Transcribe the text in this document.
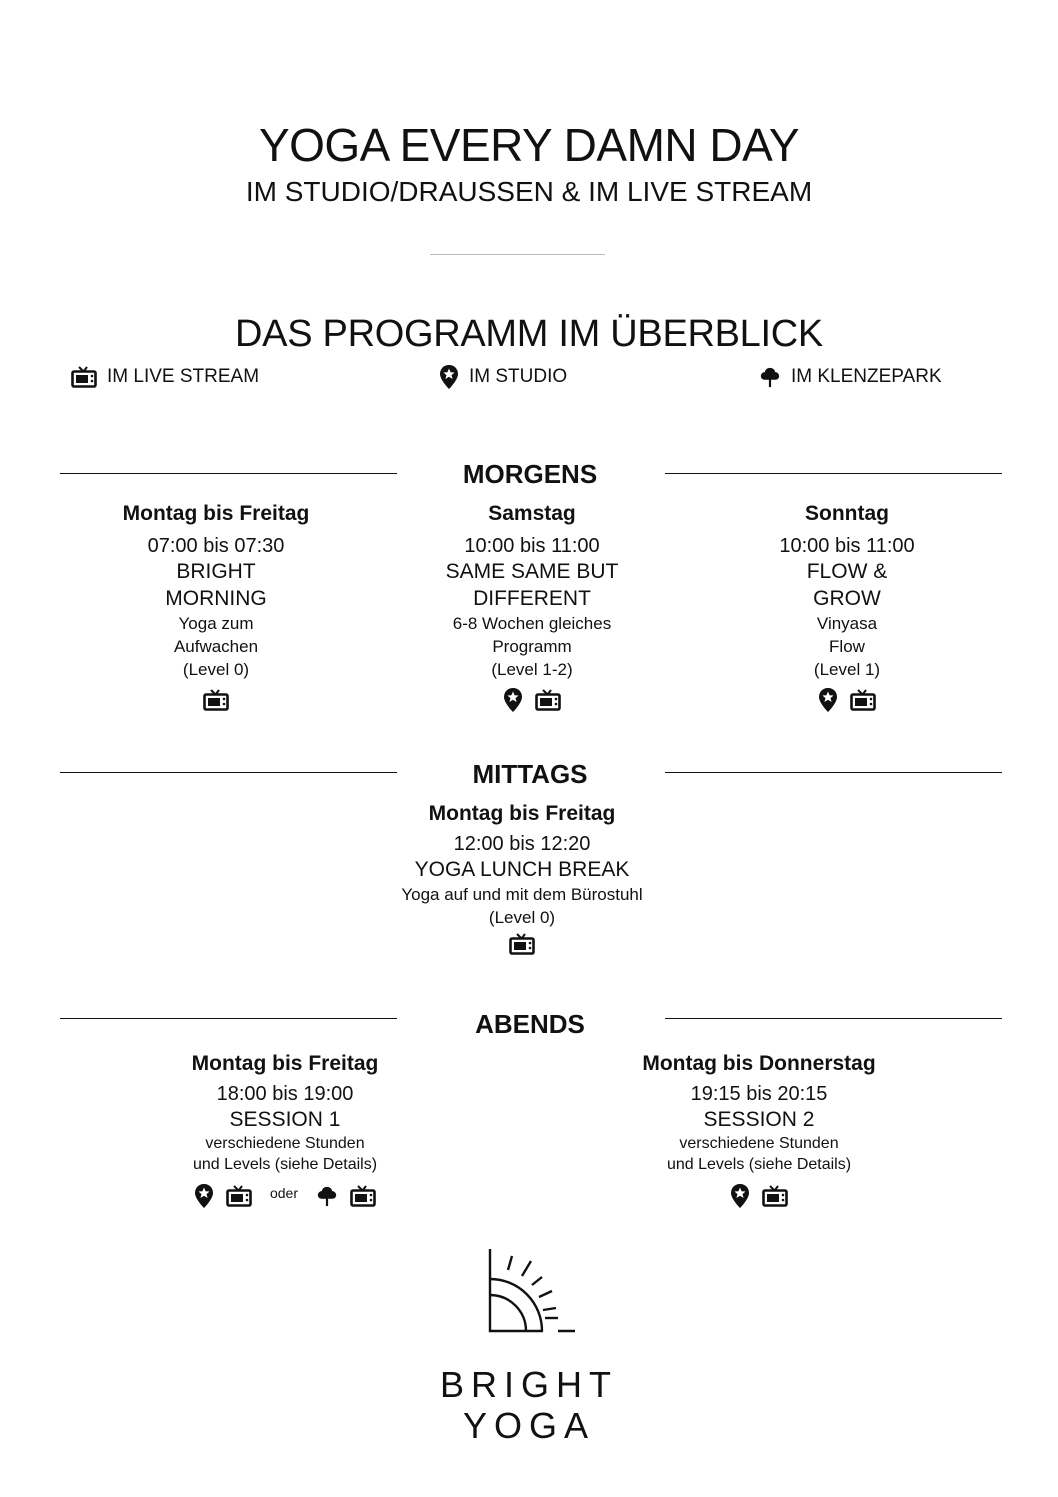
YOGA EVERY DAMN DAY
IM STUDIO/DRAUSSEN & IM LIVE STREAM
DAS PROGRAMM IM ÜBERBLICK
IM LIVE STREAM	IM STUDIO	IM KLENZEPARK
MORGENS
Montag bis Freitag
07:00 bis 07:30
BRIGHT
MORNING
Yoga zum
Aufwachen
(Level 0)
Samstag
10:00 bis 11:00
SAME SAME BUT
DIFFERENT
6-8 Wochen gleiches
Programm
(Level 1-2)
Sonntag
10:00 bis 11:00
FLOW &
GROW
Vinyasa
Flow
(Level 1)
MITTAGS
Montag bis Freitag
12:00 bis 12:20
YOGA LUNCH BREAK
Yoga auf und mit dem Bürostuhl
(Level 0)
ABENDS
Montag bis Freitag
18:00 bis 19:00
SESSION 1
verschiedene Stunden
und Levels (siehe Details)
oder
Montag bis Donnerstag
19:15 bis 20:15
SESSION 2
verschiedene Stunden
und Levels (siehe Details)
BRIGHT
YOGA
